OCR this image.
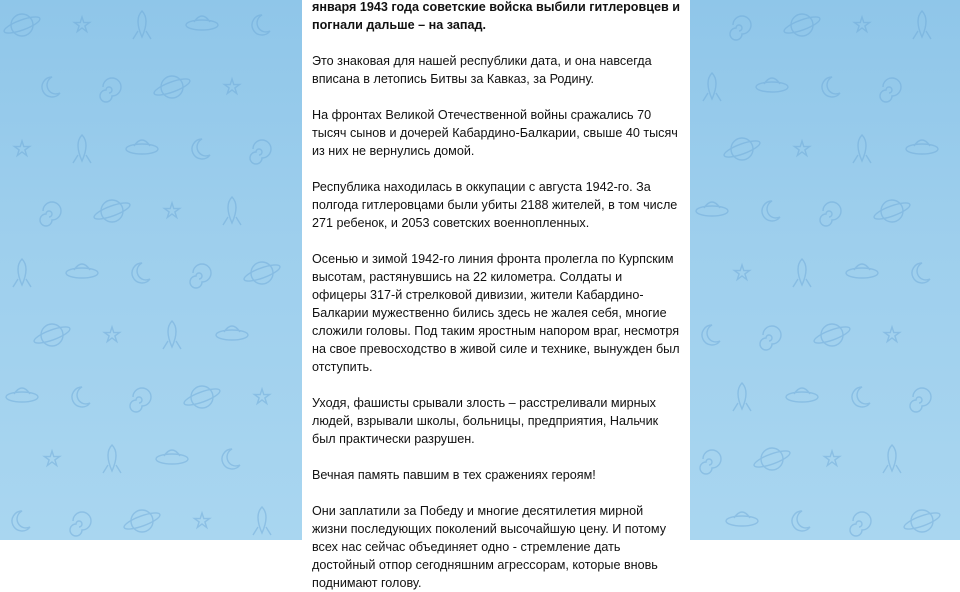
января 1943 года советские войска выбили гитлеровцев и погнали дальше – на запад.

Это знаковая для нашей республики дата, и она навсегда вписана в летопись Битвы за Кавказ, за Родину.

На фронтах Великой Отечественной войны сражались 70 тысяч сынов и дочерей Кабардино-Балкарии, свыше 40 тысяч из них не вернулись домой.

Республика находилась в оккупации с августа 1942-го. За полгода гитлеровцами были убиты 2188 жителей, в том числе 271 ребенок, и 2053 советских военнопленных.

Осенью и зимой 1942-го линия фронта пролегла по Курпским высотам, растянувшись на 22 километра. Солдаты и офицеры 317-й стрелковой дивизии, жители Кабардино-Балкарии мужественно бились здесь не жалея себя, многие сложили головы. Под таким яростным напором враг, несмотря на свое превосходство в живой силе и технике, вынужден был отступить.

Уходя, фашисты срывали злость – расстреливали мирных людей, взрывали школы, больницы, предприятия, Нальчик был практически разрушен.

Вечная память павшим в тех сражениях героям!

Они заплатили за Победу и многие десятилетия мирной жизни последующих поколений высочайшую цену. И потому всех нас сейчас объединяет одно - стремление дать достойный отпор сегодняшним агрессорам, которые вновь поднимают голову.
